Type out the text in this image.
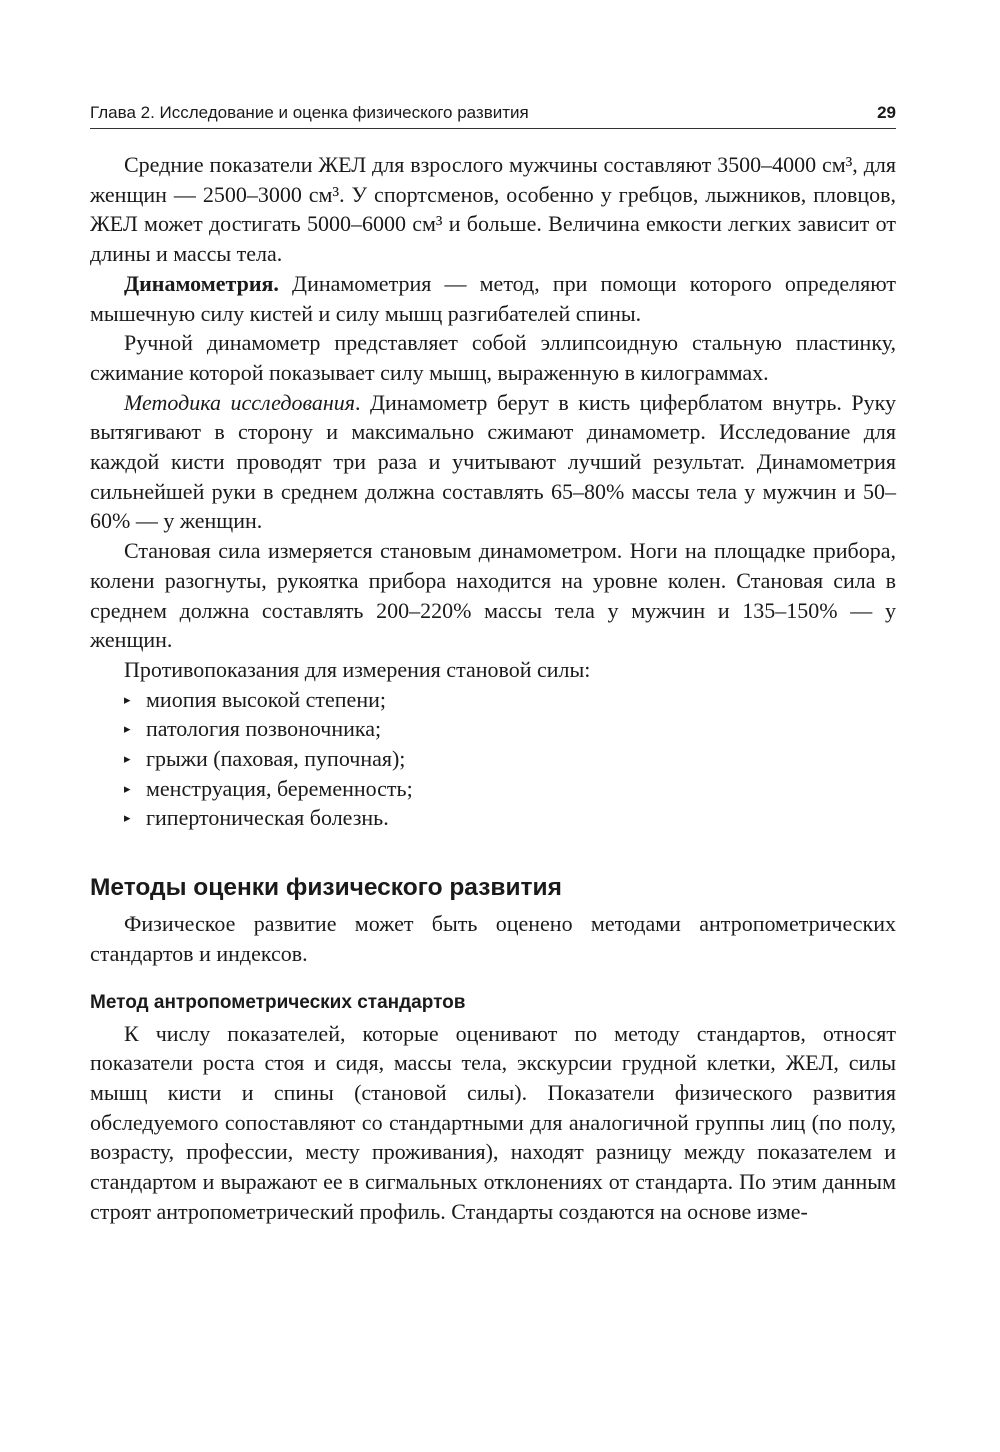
Глава 2. Исследование и оценка физического развития	29

Средние показатели ЖЕЛ для взрослого мужчины составляют 3500–4000 см³, для женщин — 2500–3000 см³. У спортсменов, особенно у гребцов, лыжников, пловцов, ЖЕЛ может достигать 5000–6000 см³ и больше. Величина емкости легких зависит от длины и массы тела.

Динамометрия. Динамометрия — метод, при помощи которого определяют мышечную силу кистей и силу мышц разгибателей спины.

Ручной динамометр представляет собой эллипсоидную стальную пластинку, сжимание которой показывает силу мышц, выраженную в килограммах.

Методика исследования. Динамометр берут в кисть циферблатом внутрь. Руку вытягивают в сторону и максимально сжимают динамометр. Исследование для каждой кисти проводят три раза и учитывают лучший результат. Динамометрия сильнейшей руки в среднем должна составлять 65–80% массы тела у мужчин и 50–60% — у женщин.

Становая сила измеряется становым динамометром. Ноги на площадке прибора, колени разогнуты, рукоятка прибора находится на уровне колен. Становая сила в среднем должна составлять 200–220% массы тела у мужчин и 135–150% — у женщин.

Противопоказания для измерения становой силы:

▸ миопия высокой степени;
▸ патология позвоночника;
▸ грыжи (паховая, пупочная);
▸ менструация, беременность;
▸ гипертоническая болезнь.
Методы оценки физического развития

Физическое развитие может быть оценено методами антропометрических стандартов и индексов.

Метод антропометрических стандартов

К числу показателей, которые оценивают по методу стандартов, относят показатели роста стоя и сидя, массы тела, экскурсии грудной клетки, ЖЕЛ, силы мышц кисти и спины (становой силы). Показатели физического развития обследуемого сопоставляют со стандартными для аналогичной группы лиц (по полу, возрасту, профессии, месту проживания), находят разницу между показателем и стандартом и выражают ее в сигмальных отклонениях от стандарта. По этим данным строят антропометрический профиль. Стандарты создаются на основе изме-
